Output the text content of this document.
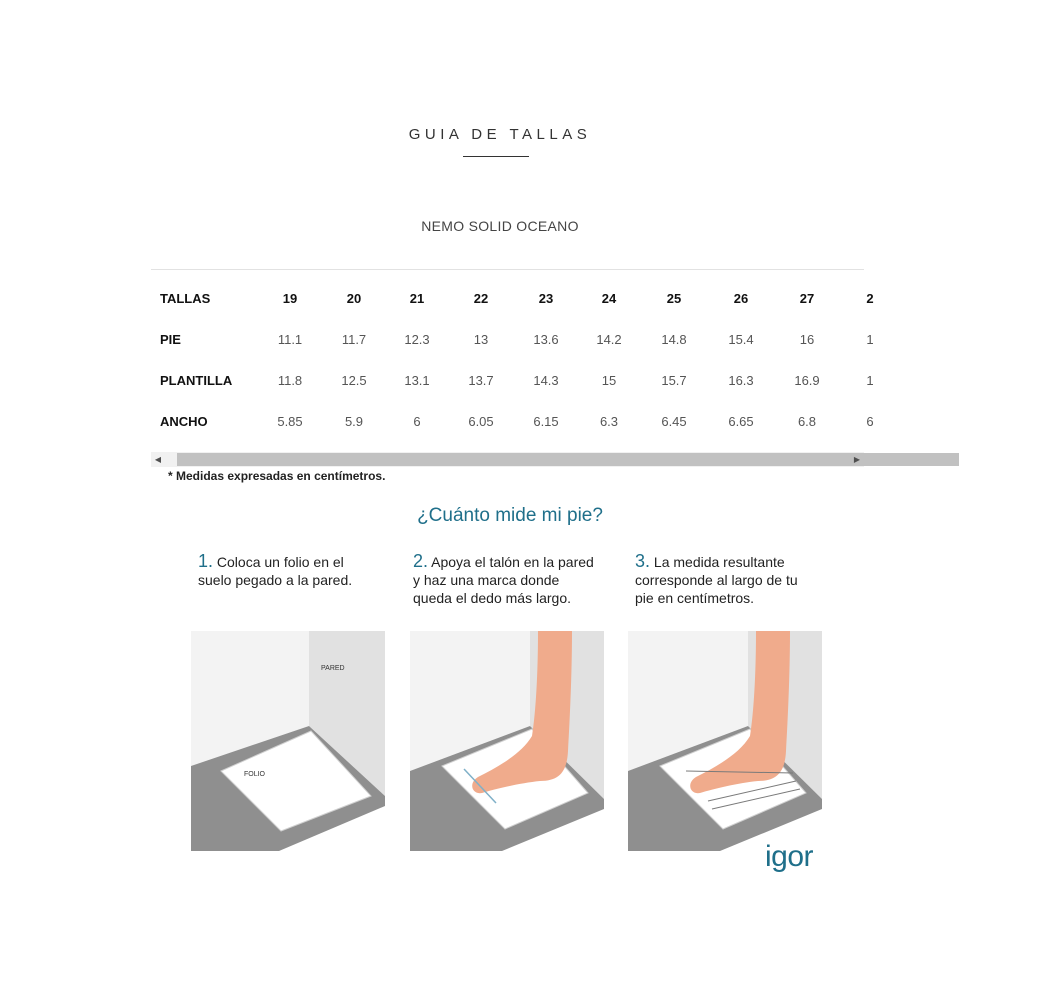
GUIA DE TALLAS
NEMO SOLID OCEANO
TALLAS	19	20	21	22	23	24	25	26	27	2
PIE	11.1	11.7	12.3	13	13.6	14.2	14.8	15.4	16	1
PLANTILLA	11.8	12.5	13.1	13.7	14.3	15	15.7	16.3	16.9	1
ANCHO	5.85	5.9	6	6.05	6.15	6.3	6.45	6.65	6.8	6
◀	▶
* Medidas expresadas en centímetros.
¿Cuánto mide mi pie?
1. Coloca un folio en el
suelo pegado a la pared.
2. Apoya el talón en la pared
y haz una marca donde
queda el dedo más largo.
3. La medida resultante
corresponde al largo de tu
pie en centímetros.
PARED
FOLIO
igor
